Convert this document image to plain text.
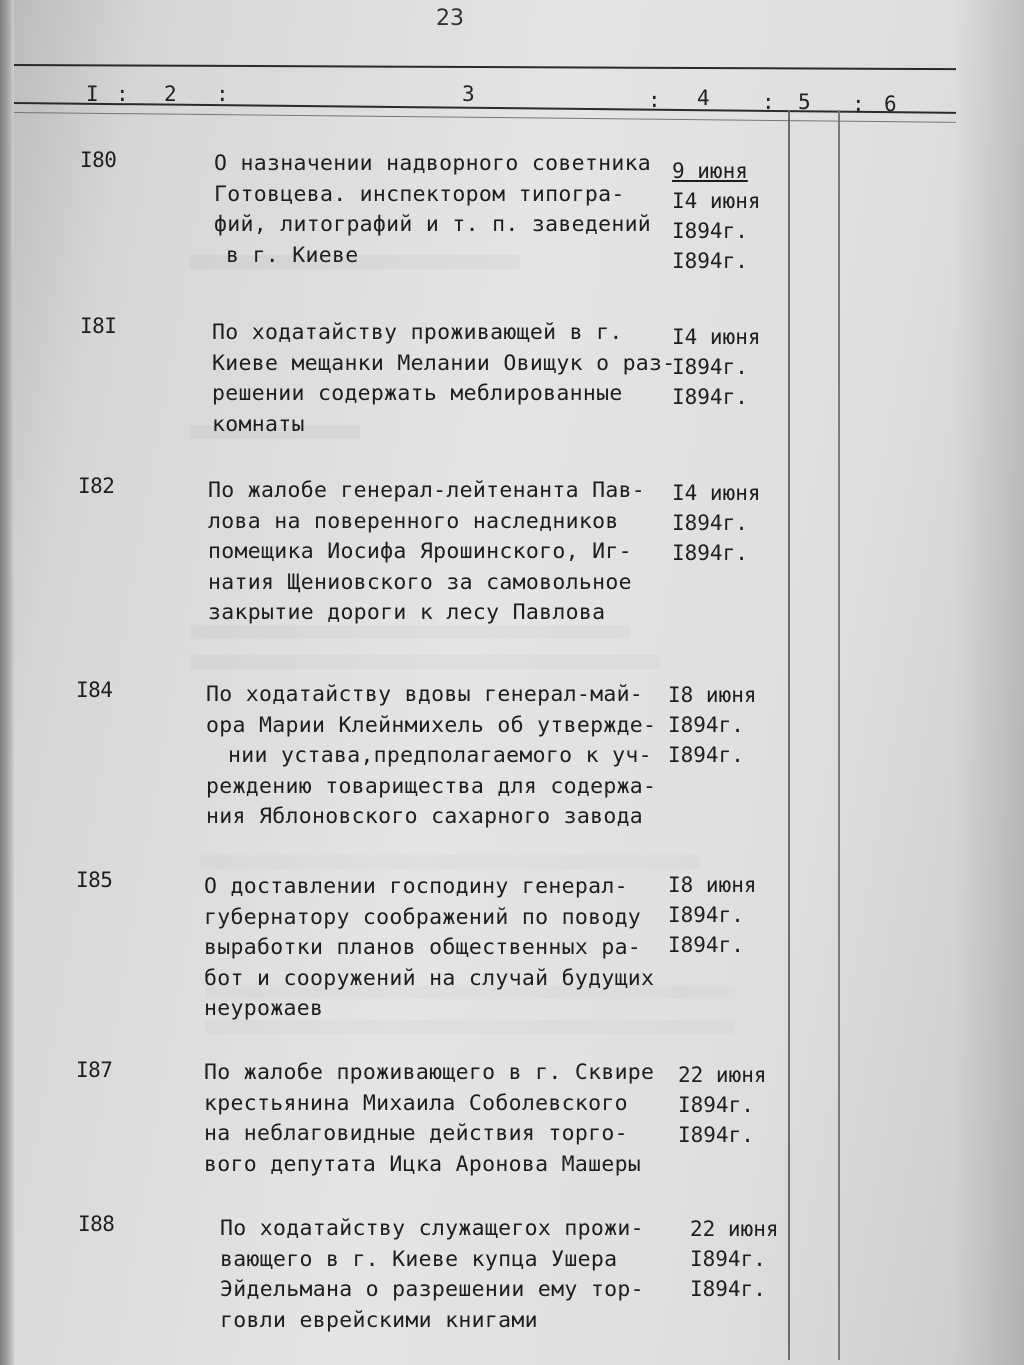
23
I : 2 :	3	: 4 : 5 : 6
I80	О назначении надворного советника
Готовцева. инспектором типогра-
фий, литографий и т. п. заведений
в г. Киеве
9 июня
I4 июня
I894г.
I894г.
I8I	По ходатайству проживающей в г.
Киеве мещанки Мелании Овищук о раз-
решении содержать меблированные
комнаты
I4 июня
I894г.
I894г.
I82	По жалобе генерал-лейтенанта Пав-
лова на поверенного наследников
помещика Иосифа Ярошинского, Иг-
натия Щениовского за самовольное
закрытие дороги к лесу Павлова
I4 июня
I894г.
I894г.
I84	По ходатайству вдовы генерал-май-
ора Марии Клейнмихель об утвержде-
нии устава,предполагаемого к уч-
реждению товарищества для содержа-
ния Яблоновского сахарного завода
I8 июня
I894г.
I894г.
I85	О доставлении господину генерал-
губернатору соображений по поводу
выработки планов общественных ра-
бот и сооружений на случай будущих
неурожаев
I8 июня
I894г.
I894г.
I87	По жалобе проживающего в г. Сквире
крестьянина Михаила Соболевского
на неблаговидные действия торго-
вого депутата Ицка Аронова Машеры
22 июня
I894г.
I894г.
I88	По ходатайству служащегох прожи-
вающего в г. Киеве купца Ушера
Эйдельмана о разрешении ему тор-
говли еврейскими книгами
22 июня
I894г.
I894г.
